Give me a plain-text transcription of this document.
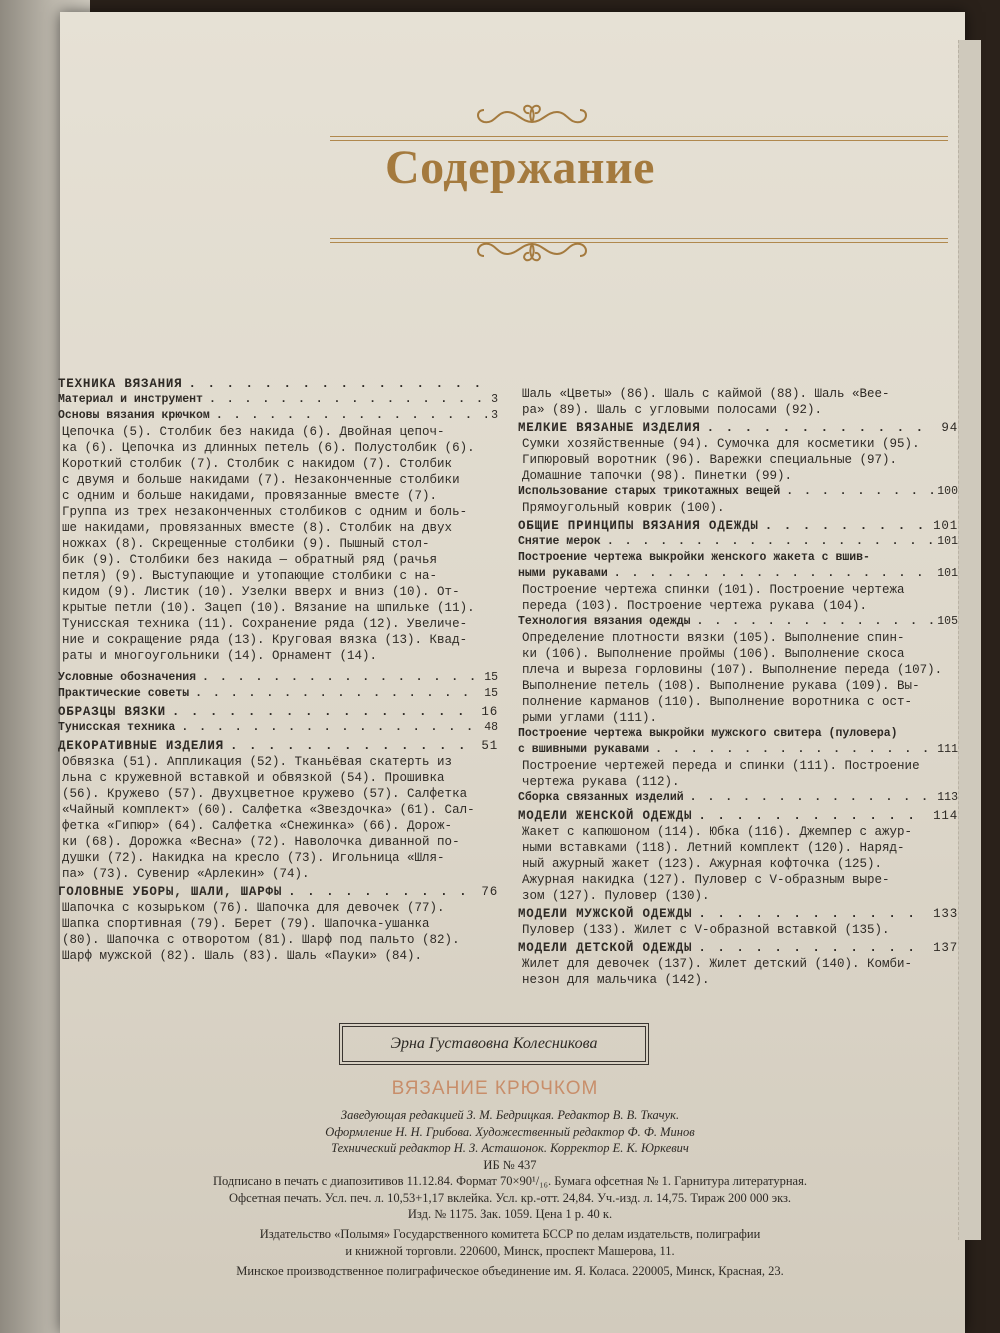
Содержание
ТЕХНИКА ВЯЗАНИЯ
. . .
Материал и инструмент . . .	3
Основы вязания крючком . . .	3
Цепочка (5). Столбик без накида (6). Двойная цепоч-
ка (6). Цепочка из длинных петель (6). Полустолбик (6).
Короткий столбик (7). Столбик с накидом (7). Столбик
с двумя и больше накидами (7). Незаконченные столбики
с одним и больше накидами, провязанные вместе (7).
Группа из трех незаконченных столбиков с одним и боль-
ше накидами, провязанных вместе (8). Столбик на двух
ножках (8). Скрещенные столбики (9). Пышный стол-
бик (9). Столбики без накида — обратный ряд (рачья
петля) (9). Выступающие и утопающие столбики с на-
кидом (9). Листик (10). Узелки вверх и вниз (10). От-
крытые петли (10). Зацеп (10). Вязание на шпильке (11).
Тунисская техника (11). Сохранение ряда (12). Увеличе-
ние и сокращение ряда (13). Круговая вязка (13). Квад-
раты и многоугольники (14). Орнамент (14).
Условные обозначения . . .	15
Практические советы . . .	15
ОБРАЗЦЫ ВЯЗКИ . . .	16
Тунисская техника . . .	48
ДЕКОРАТИВНЫЕ ИЗДЕЛИЯ . . .	51
Обвязка (51). Аппликация (52). Тканьёвая скатерть из
льна с кружевной вставкой и обвязкой (54). Прошивка
(56). Кружево (57). Двухцветное кружево (57). Салфетка
«Чайный комплект» (60). Салфетка «Звездочка» (61). Сал-
фетка «Гипюр» (64). Салфетка «Снежинка» (66). Дорож-
ки (68). Дорожка «Весна» (72). Наволочка диванной по-
душки (72). Накидка на кресло (73). Игольница «Шля-
па» (73). Сувенир «Арлекин» (74).
ГОЛОВНЫЕ УБОРЫ, ШАЛИ, ШАРФЫ . . .	76
Шапочка с козырьком (76). Шапочка для девочек (77).
Шапка спортивная (79). Берет (79). Шапочка-ушанка
(80). Шапочка с отворотом (81). Шарф под пальто (82).
Шарф мужской (82). Шаль (83). Шаль «Пауки» (84).
Шаль «Цветы» (86). Шаль с каймой (88). Шаль «Вее-
ра» (89). Шаль с угловыми полосами (92).
МЕЛКИЕ ВЯЗАНЫЕ ИЗДЕЛИЯ . . .	94
Сумки хозяйственные (94). Сумочка для косметики (95).
Гипюровый воротник (96). Варежки специальные (97).
Домашние тапочки (98). Пинетки (99).
Использование старых трикотажных вещей . . .	100
Прямоугольный коврик (100).
ОБЩИЕ ПРИНЦИПЫ ВЯЗАНИЯ ОДЕЖДЫ . . .	101
Снятие мерок . . .	101
Построение чертежа выкройки женского жакета с вшив-
ными рукавами . . .	101
Построение чертежа спинки (101). Построение чертежа
переда (103). Построение чертежа рукава (104).
Технология вязания одежды . . .	105
Определение плотности вязки (105). Выполнение спин-
ки (106). Выполнение проймы (106). Выполнение скоса
плеча и выреза горловины (107). Выполнение переда (107).
Выполнение петель (108). Выполнение рукава (109). Вы-
полнение карманов (110). Выполнение воротника с ост-
рыми углами (111).
Построение чертежа выкройки мужского свитера (пуловера)
с вшивными рукавами . . .	111
Построение чертежей переда и спинки (111). Построение
чертежа рукава (112).
Сборка связанных изделий . . .	113
МОДЕЛИ ЖЕНСКОЙ ОДЕЖДЫ . . .	114
Жакет с капюшоном (114). Юбка (116). Джемпер с ажур-
ными вставками (118). Летний комплект (120). Наряд-
ный ажурный жакет (123). Ажурная кофточка (125).
Ажурная накидка (127). Пуловер с V-образным выре-
зом (127). Пуловер (130).
МОДЕЛИ МУЖСКОЙ ОДЕЖДЫ . . .	133
Пуловер (133). Жилет с V-образной вставкой (135).
МОДЕЛИ ДЕТСКОЙ ОДЕЖДЫ . . .	137
Жилет для девочек (137). Жилет детский (140). Комби-
незон для мальчика (142).
Эрна Густавовна Колесникова
ВЯЗАНИЕ КРЮЧКОМ
Заведующая редакцией З. М. Бедрицкая. Редактор В. В. Ткачук.
Оформление Н. Н. Грибова. Художественный редактор Ф. Ф. Минов
Технический редактор Н. З. Асташонок. Корректор Е. К. Юркевич
ИБ № 437
Подписано в печать с диапозитивов 11.12.84. Формат 70×90¹/₁₆. Бумага офсетная № 1. Гарнитура литературная.
Офсетная печать. Усл. печ. л. 10,53+1,17 вклейка. Усл. кр.-отт. 24,84. Уч.-изд. л. 14,75. Тираж 200 000 экз.
Изд. № 1175. Зак. 1059. Цена 1 р. 40 к.
Издательство «Полымя» Государственного комитета БССР по делам издательств, полиграфии
и книжной торговли. 220600, Минск, проспект Машерова, 11.
Минское производственное полиграфическое объединение им. Я. Коласа. 220005, Минск, Красная, 23.
